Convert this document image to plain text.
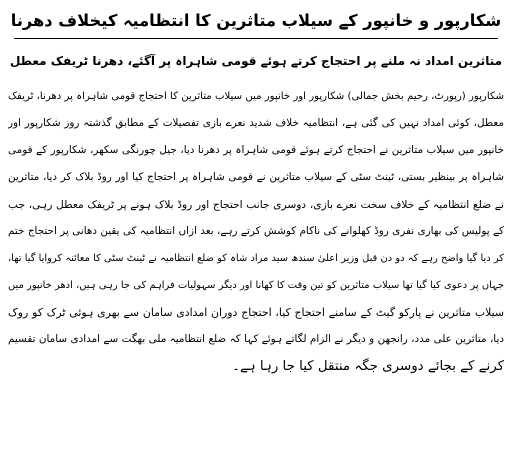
شکارپور و خانپور کے سیلاب متاثرین کا انتظامیہ کیخلاف دھرنا
متاثرین امداد نہ ملنے پر احتجاج کرتے ہوئے قومی شاہراہ پر آگئے، دھرنا ٹریفک معطل
شکارپور (رپورٹ، رحیم بخش جمالی) شکارپور اور خانپور میں سیلاب متاثرین کا احتجاج قومی شاہراہ پر دھرنا، ٹریفک
معطل، کوئی امداد نہیں کی گئی ہے، انتظامیہ خلاف شدید نعرے بازی تفصیلات کے مطابق گذشتہ روز شکارپور اور
خانپور میں سیلاب متاثرین نے احتجاج کرتے ہوئے قومی شاہراہ پر دھرنا دیا، جیل چورنگی سکھر، شکارپور کے قومی
شاہراہ پر بینظیر بستی، ٹینٹ سٹی کے سیلاب متاثرین نے قومی شاہراہ پر احتجاج کیا اور روڈ بلاک کر دیا، متاثرین
نے ضلع انتظامیہ کے خلاف سخت نعرے بازی، دوسری جانب احتجاج اور روڈ بلاک ہونے پر ٹریفک معطل رہی، جب
کے پولیس کی بھاری نفری روڈ کھلوانے کی ناکام کوشش کرتے رہے، بعد ازاں انتظامیہ کی یقین دھانی پر احتجاج ختم
کر دیا گیا واضح رہے کہ دو دن قبل وزیر اعلیٰ سندھ سید مراد شاہ کو ضلع انتظامیہ نے ٹینٹ سٹی کا معائنہ کروایا گیا تھا،
جہاں پر دعوی کیا گیا تھا سیلاب متاثرین کو تین وقت کا کھانا اور دیگر سہولیات فراہم کی جا رہی ہیں، ادھر خانپور میں
سیلاب متاثرین نے پارکو گیٹ کے سامنے احتجاج کیا، احتجاج دوران امدادی سامان سے بھری ہوئی ٹرک کو روک
دیا، متاثرین علی مدد، رانجھن و دیگر نے الزام لگاتے ہوئے کہا کہ ضلع انتظامیہ ملی بھگت سے امدادی سامان تقسیم
کرنے کے بجائے دوسری جگہ منتقل کیا جا رہا ہے۔
